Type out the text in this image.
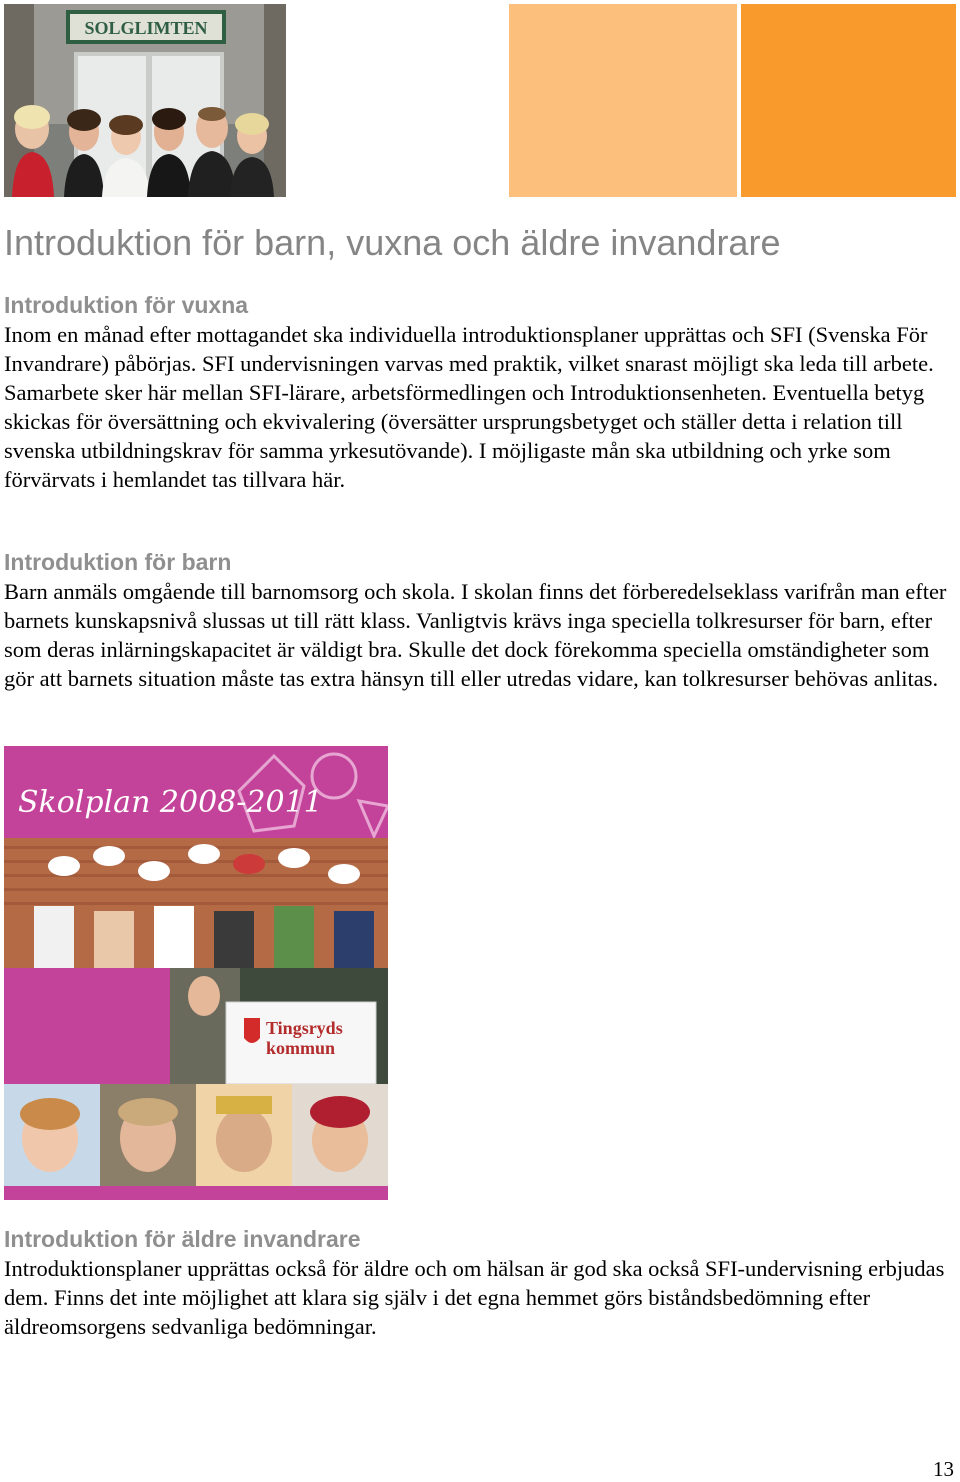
SOLGLIMTEN
Introduktion för barn, vuxna och äldre invandrare
Introduktion för vuxna

Inom en månad efter mottagandet ska individuella introduktionsplaner upprättas och SFI (Svenska För Invandrare) påbörjas. SFI undervisningen varvas med praktik, vilket snarast möjligt ska leda till arbete. Samarbete sker här mellan SFI-lärare, arbetsförmedlingen och Introduktionsenheten. Eventuella betyg skickas för översättning och ekvivalering (översätter ursprungsbetyget och ställer detta i relation till svenska utbildningskrav för samma yrkesutövande). I möjligaste mån ska utbildning och yrke som förvärvats i hemlandet tas tillvara här.

Introduktion för barn

Barn anmäls omgående till barnomsorg och skola. I skolan finns det förberedelseklass varifrån man efter barnets kunskapsnivå slussas ut till rätt klass. Vanligtvis krävs inga speciella tolkresurser för barn, efter som deras inlärningskapacitet är väldigt bra. Skulle det dock förekomma speciella omständigheter som gör att barnets situation måste tas extra hänsyn till eller utredas vidare, kan tolkresurser behövas anlitas.

Skolplan 2008-2011
Tingsryds
kommun
Introduktion för äldre invandrare

Introduktionsplaner upprättas också för äldre och om hälsan är god ska också SFI-undervisning erbjudas dem. Finns det inte möjlighet att klara sig själv i det egna hemmet görs biståndsbedömning efter äldreomsorgens sedvanliga bedömningar.

13
